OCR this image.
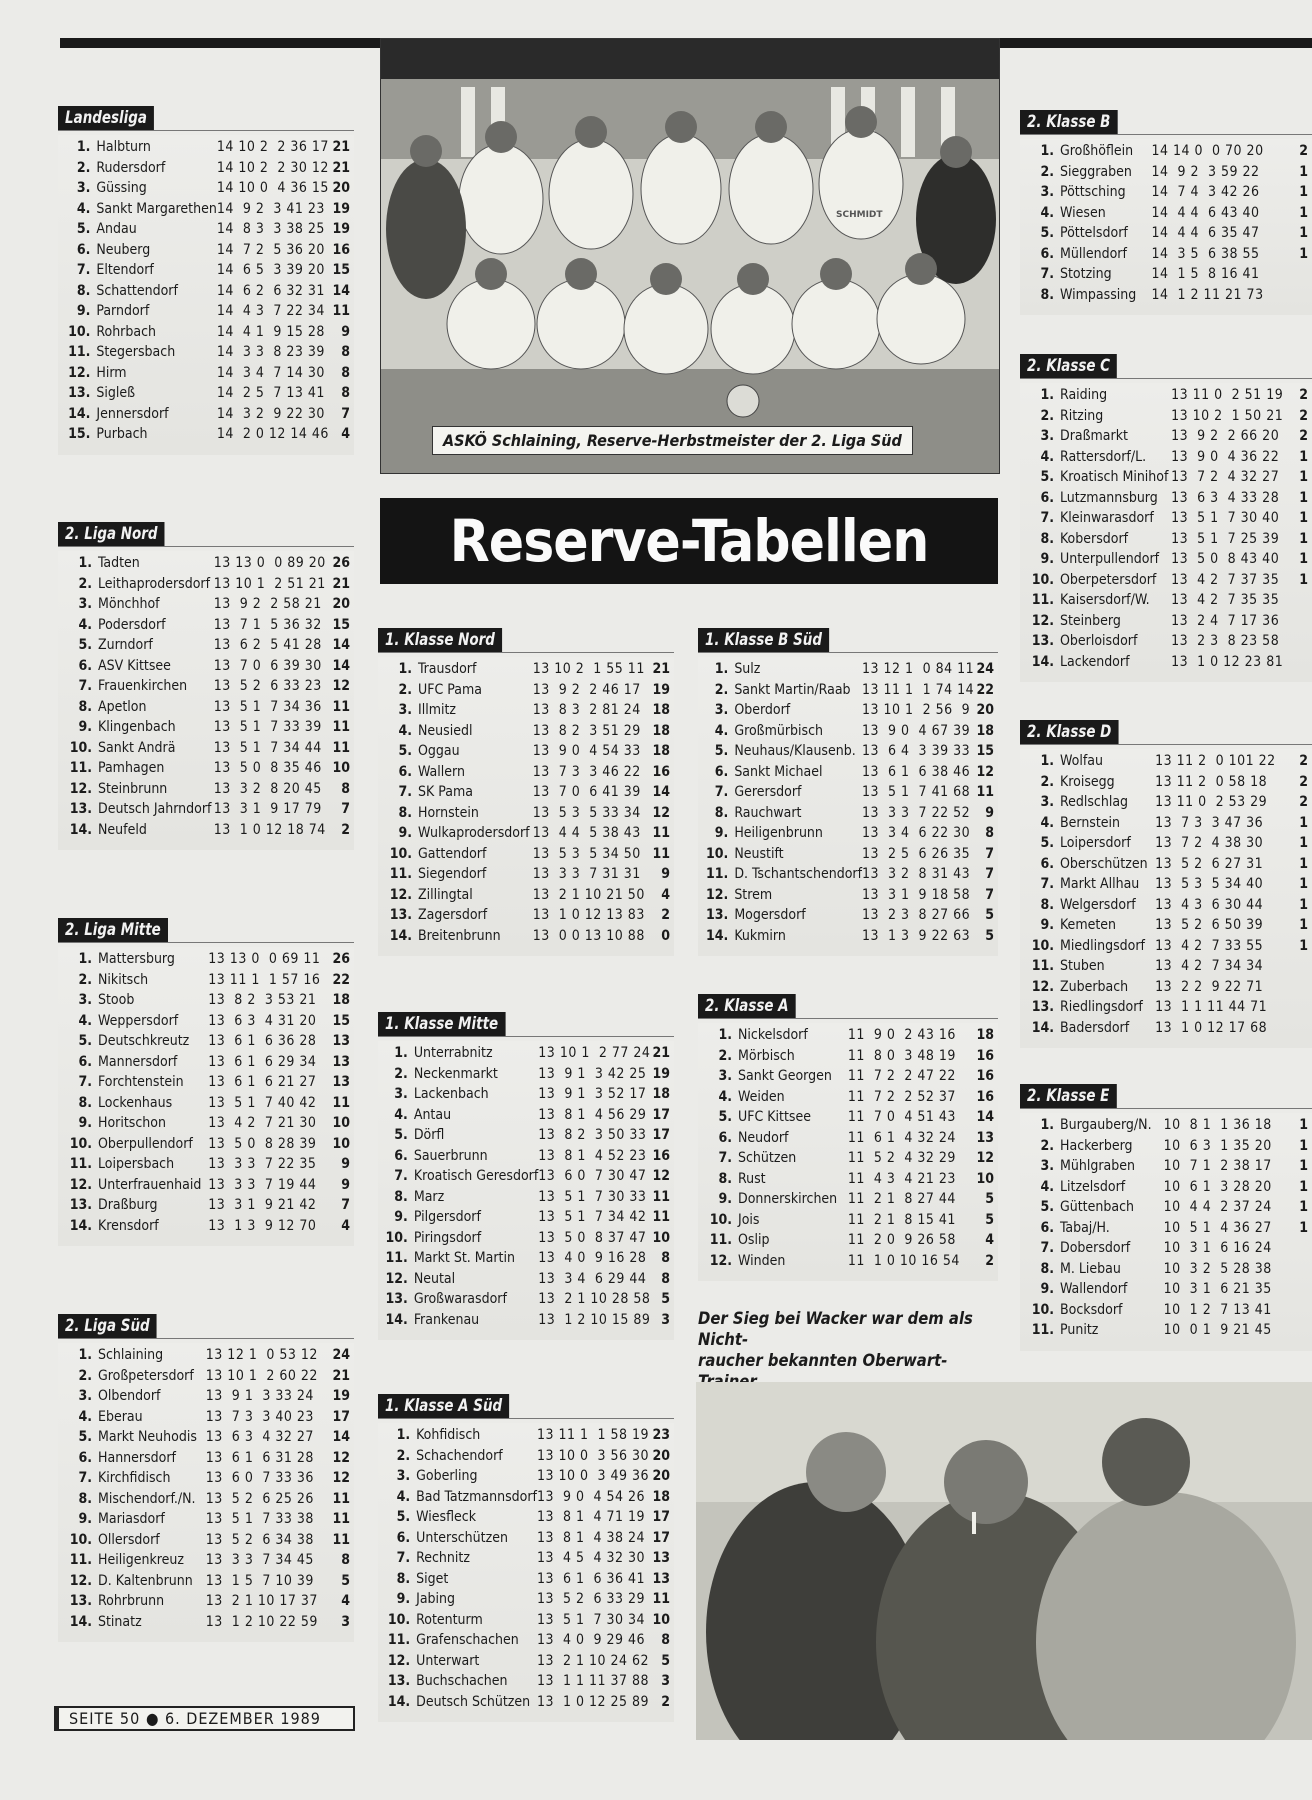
Landesliga
1.	Halbturn	14 10 2  2 36 17	21
2.	Rudersdorf	14 10 2  2 30 12	21
3.	Güssing	14 10 0  4 36 15	20
4.	Sankt Margarethen	14  9 2  3 41 23	19
5.	Andau	14  8 3  3 38 25	19
6.	Neuberg	14  7 2  5 36 20	16
7.	Eltendorf	14  6 5  3 39 20	15
8.	Schattendorf	14  6 2  6 32 31	14
9.	Parndorf	14  4 3  7 22 34	11
10.	Rohrbach	14  4 1  9 15 28	9
11.	Stegersbach	14  3 3  8 23 39	8
12.	Hirm	14  3 4  7 14 30	8
13.	Sigleß	14  2 5  7 13 41	8
14.	Jennersdorf	14  3 2  9 22 30	7
15.	Purbach	14  2 0 12 14 46	4
2. Liga Nord
1.	Tadten	13 13 0  0 89 20	26
2.	Leithaprodersdorf	13 10 1  2 51 21	21
3.	Mönchhof	13  9 2  2 58 21	20
4.	Podersdorf	13  7 1  5 36 32	15
5.	Zurndorf	13  6 2  5 41 28	14
6.	ASV Kittsee	13  7 0  6 39 30	14
7.	Frauenkirchen	13  5 2  6 33 23	12
8.	Apetlon	13  5 1  7 34 36	11
9.	Klingenbach	13  5 1  7 33 39	11
10.	Sankt Andrä	13  5 1  7 34 44	11
11.	Pamhagen	13  5 0  8 35 46	10
12.	Steinbrunn	13  3 2  8 20 45	8
13.	Deutsch Jahrndorf	13  3 1  9 17 79	7
14.	Neufeld	13  1 0 12 18 74	2
2. Liga Mitte
1.	Mattersburg	13 13 0  0 69 11	26
2.	Nikitsch	13 11 1  1 57 16	22
3.	Stoob	13  8 2  3 53 21	18
4.	Weppersdorf	13  6 3  4 31 20	15
5.	Deutschkreutz	13  6 1  6 36 28	13
6.	Mannersdorf	13  6 1  6 29 34	13
7.	Forchtenstein	13  6 1  6 21 27	13
8.	Lockenhaus	13  5 1  7 40 42	11
9.	Horitschon	13  4 2  7 21 30	10
10.	Oberpullendorf	13  5 0  8 28 39	10
11.	Loipersbach	13  3 3  7 22 35	9
12.	Unterfrauenhaid	13  3 3  7 19 44	9
13.	Draßburg	13  3 1  9 21 42	7
14.	Krensdorf	13  1 3  9 12 70	4
2. Liga Süd
1.	Schlaining	13 12 1  0 53 12	24
2.	Großpetersdorf	13 10 1  2 60 22	21
3.	Olbendorf	13  9 1  3 33 24	19
4.	Eberau	13  7 3  3 40 23	17
5.	Markt Neuhodis	13  6 3  4 32 27	14
6.	Hannersdorf	13  6 1  6 31 28	12
7.	Kirchfidisch	13  6 0  7 33 36	12
8.	Mischendorf./N.	13  5 2  6 25 26	11
9.	Mariasdorf	13  5 1  7 33 38	11
10.	Ollersdorf	13  5 2  6 34 38	11
11.	Heiligenkreuz	13  3 3  7 34 45	8
12.	D. Kaltenbrunn	13  1 5  7 10 39	5
13.	Rohrbrunn	13  2 1 10 17 37	4
14.	Stinatz	13  1 2 10 22 59	3
SCHMIDT
ASKÖ Schlaining, Reserve-Herbstmeister der 2. Liga Süd
Reserve-Tabellen
1. Klasse Nord
1.	Trausdorf	13 10 2  1 55 11	21
2.	UFC Pama	13  9 2  2 46 17	19
3.	Illmitz	13  8 3  2 81 24	18
4.	Neusiedl	13  8 2  3 51 29	18
5.	Oggau	13  9 0  4 54 33	18
6.	Wallern	13  7 3  3 46 22	16
7.	SK Pama	13  7 0  6 41 39	14
8.	Hornstein	13  5 3  5 33 34	12
9.	Wulkaprodersdorf	13  4 4  5 38 43	11
10.	Gattendorf	13  5 3  5 34 50	11
11.	Siegendorf	13  3 3  7 31 31	9
12.	Zillingtal	13  2 1 10 21 50	4
13.	Zagersdorf	13  1 0 12 13 83	2
14.	Breitenbrunn	13  0 0 13 10 88	0
1. Klasse Mitte
1.	Unterrabnitz	13 10 1  2 77 24	21
2.	Neckenmarkt	13  9 1  3 42 25	19
3.	Lackenbach	13  9 1  3 52 17	18
4.	Antau	13  8 1  4 56 29	17
5.	Dörfl	13  8 2  3 50 33	17
6.	Sauerbrunn	13  8 1  4 52 23	16
7.	Kroatisch Geresdorf	13  6 0  7 30 47	12
8.	Marz	13  5 1  7 30 33	11
9.	Pilgersdorf	13  5 1  7 34 42	11
10.	Piringsdorf	13  5 0  8 37 47	10
11.	Markt St. Martin	13  4 0  9 16 28	8
12.	Neutal	13  3 4  6 29 44	8
13.	Großwarasdorf	13  2 1 10 28 58	5
14.	Frankenau	13  1 2 10 15 89	3
1. Klasse A Süd
1.	Kohfidisch	13 11 1  1 58 19	23
2.	Schachendorf	13 10 0  3 56 30	20
3.	Goberling	13 10 0  3 49 36	20
4.	Bad Tatzmannsdorf	13  9 0  4 54 26	18
5.	Wiesfleck	13  8 1  4 71 19	17
6.	Unterschützen	13  8 1  4 38 24	17
7.	Rechnitz	13  4 5  4 32 30	13
8.	Siget	13  6 1  6 36 41	13
9.	Jabing	13  5 2  6 33 29	11
10.	Rotenturm	13  5 1  7 30 34	10
11.	Grafenschachen	13  4 0  9 29 46	8
12.	Unterwart	13  2 1 10 24 62	5
13.	Buchschachen	13  1 1 11 37 88	3
14.	Deutsch Schützen	13  1 0 12 25 89	2
1. Klasse B Süd
1.	Sulz	13 12 1  0 84 11	24
2.	Sankt Martin/Raab	13 11 1  1 74 14	22
3.	Oberdorf	13 10 1  2 56  9	20
4.	Großmürbisch	13  9 0  4 67 39	18
5.	Neuhaus/Klausenb.	13  6 4  3 39 33	15
6.	Sankt Michael	13  6 1  6 38 46	12
7.	Gerersdorf	13  5 1  7 41 68	11
8.	Rauchwart	13  3 3  7 22 52	9
9.	Heiligenbrunn	13  3 4  6 22 30	8
10.	Neustift	13  2 5  6 26 35	7
11.	D. Tschantschendorf	13  3 2  8 31 43	7
12.	Strem	13  3 1  9 18 58	7
13.	Mogersdorf	13  2 3  8 27 66	5
14.	Kukmirn	13  1 3  9 22 63	5
2. Klasse A
1.	Nickelsdorf	11  9 0  2 43 16	18
2.	Mörbisch	11  8 0  3 48 19	16
3.	Sankt Georgen	11  7 2  2 47 22	16
4.	Weiden	11  7 2  2 52 37	16
5.	UFC Kittsee	11  7 0  4 51 43	14
6.	Neudorf	11  6 1  4 32 24	13
7.	Schützen	11  5 2  4 32 29	12
8.	Rust	11  4 3  4 21 23	10
9.	Donnerskirchen	11  2 1  8 27 44	5
10.	Jois	11  2 1  8 15 41	5
11.	Oslip	11  2 0  9 26 58	4
12.	Winden	11  1 0 10 16 54	2
Der Sieg bei Wacker war dem als Nicht-
raucher bekannten Oberwart-
2. Klasse B
1.	Großhöflein	14 14 0  0 70 20	2
2.	Sieggraben	14  9 2  3 59 22	1
3.	Pöttsching	14  7 4  3 42 26	1
4.	Wiesen	14  4 4  6 43 40	1
5.	Pöttelsdorf	14  4 4  6 35 47	1
6.	Müllendorf	14  3 5  6 38 55	1
7.	Stotzing	14  1 5  8 16 41	
8.	Wimpassing	14  1 2 11 21 73	
2. Klasse C
1.	Raiding	13 11 0  2 51 19	2
2.	Ritzing	13 10 2  1 50 21	2
3.	Draßmarkt	13  9 2  2 66 20	2
4.	Rattersdorf/L.	13  9 0  4 36 22	1
5.	Kroatisch Minihof	13  7 2  4 32 27	1
6.	Lutzmannsburg	13  6 3  4 33 28	1
7.	Kleinwarasdorf	13  5 1  7 30 40	1
8.	Kobersdorf	13  5 1  7 25 39	1
9.	Unterpullendorf	13  5 0  8 43 40	1
10.	Oberpetersdorf	13  4 2  7 37 35	1
11.	Kaisersdorf/W.	13  4 2  7 35 35	
12.	Steinberg	13  2 4  7 17 36	
13.	Oberloisdorf	13  2 3  8 23 58	
14.	Lackendorf	13  1 0 12 23 81	
2. Klasse D
1.	Wolfau	13 11 2  0 101 22	2
2.	Kroisegg	13 11 2  0 58 18	2
3.	Redlschlag	13 11 0  2 53 29	2
4.	Bernstein	13  7 3  3 47 36	1
5.	Loipersdorf	13  7 2  4 38 30	1
6.	Oberschützen	13  5 2  6 27 31	1
7.	Markt Allhau	13  5 3  5 34 40	1
8.	Welgersdorf	13  4 3  6 30 44	1
9.	Kemeten	13  5 2  6 50 39	1
10.	Miedlingsdorf	13  4 2  7 33 55	1
11.	Stuben	13  4 2  7 34 34	
12.	Zuberbach	13  2 2  9 22 71	
13.	Riedlingsdorf	13  1 1 11 44 71	
14.	Badersdorf	13  1 0 12 17 68	
2. Klasse E
1.	Burgauberg/N.	10  8 1  1 36 18	1
2.	Hackerberg	10  6 3  1 35 20	1
3.	Mühlgraben	10  7 1  2 38 17	1
4.	Litzelsdorf	10  6 1  3 28 20	1
5.	Güttenbach	10  4 4  2 37 24	1
6.	Tabaj/H.	10  5 1  4 36 27	1
7.	Dobersdorf	10  3 1  6 16 24	
8.	M. Liebau	10  3 2  5 28 38	
9.	Wallendorf	10  3 1  6 21 35	
10.	Bocksdorf	10  1 2  7 13 41	
11.	Punitz	10  0 1  9 21 45	
SEITE 50 ● 6. DEZEMBER 1989
